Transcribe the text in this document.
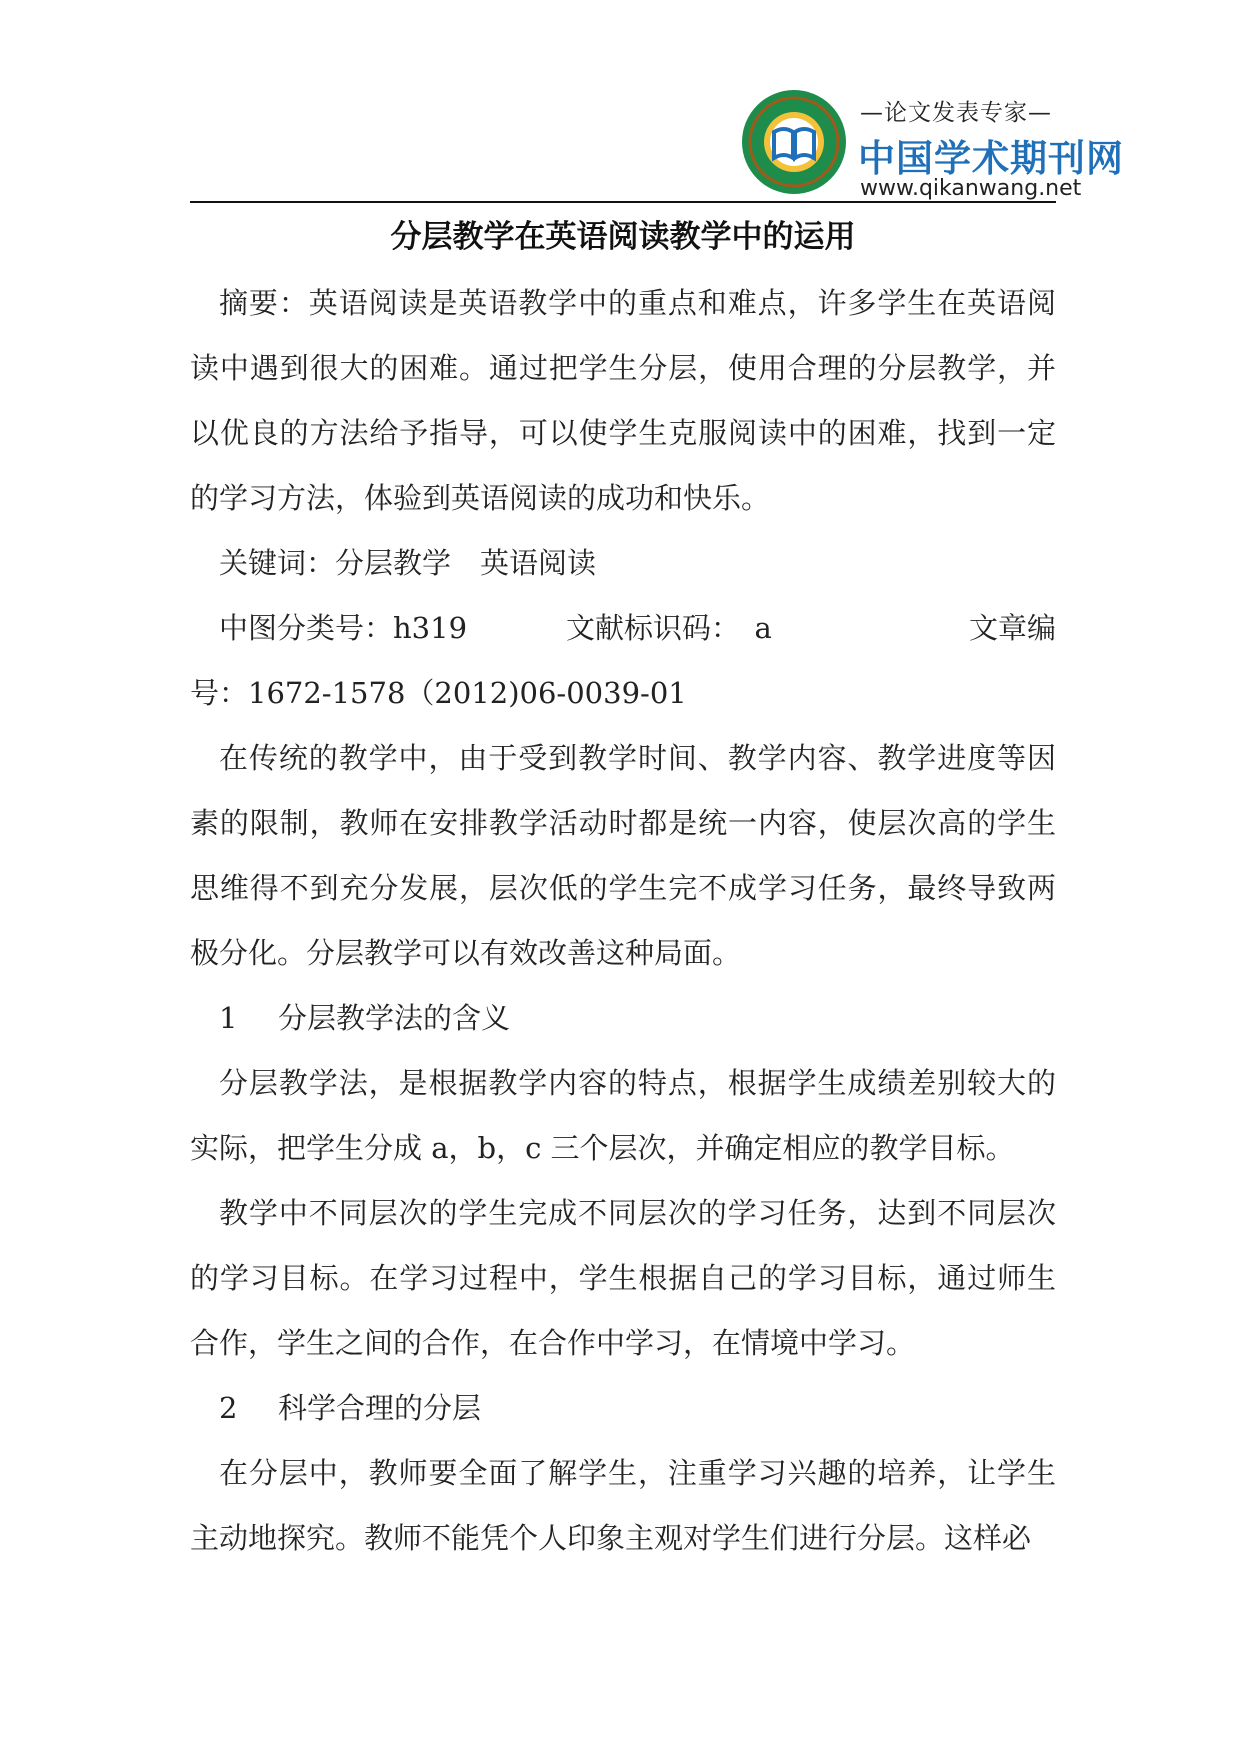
—论文发表专家—
中国学术期刊网
www.qikanwang.net
分层教学在英语阅读教学中的运用

摘要：英语阅读是英语教学中的重点和难点，许多学生在英语阅读中遇到很大的困难。通过把学生分层，使用合理的分层教学，并以优良的方法给予指导，可以使学生克服阅读中的困难，找到一定的学习方法，体验到英语阅读的成功和快乐。

关键词：分层教学　英语阅读

中图分类号：h319	文献标识码：　a	文章编

号：1672-1578（2012)06-0039-01

在传统的教学中，由于受到教学时间、教学内容、教学进度等因素的限制，教师在安排教学活动时都是统一内容，使层次高的学生思维得不到充分发展，层次低的学生完不成学习任务，最终导致两极分化。分层教学可以有效改善这种局面。

1 分层教学法的含义

分层教学法，是根据教学内容的特点，根据学生成绩差别较大的实际，把学生分成 a，b，c 三个层次，并确定相应的教学目标。

教学中不同层次的学生完成不同层次的学习任务，达到不同层次的学习目标。在学习过程中，学生根据自己的学习目标，通过师生合作，学生之间的合作，在合作中学习，在情境中学习。

2 科学合理的分层

在分层中，教师要全面了解学生，注重学习兴趣的培养，让学生主动地探究。教师不能凭个人印象主观对学生们进行分层。这样必
